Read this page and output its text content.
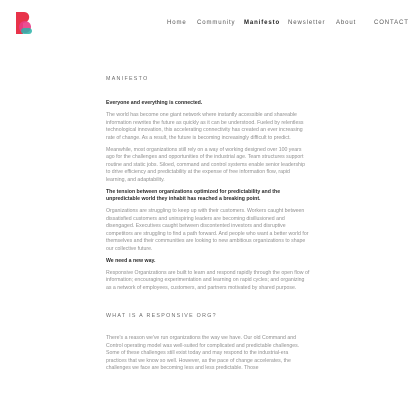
Home Community Manifesto Newsletter About	CONTACT
MANIFESTO

Everyone and everything is connected.

The world has become one giant network where instantly accessible and shareable information rewrites the future as quickly as it can be understood. Fueled by relentless technological innovation, this accelerating connectivity has created an ever increasing rate of change. As a result, the future is becoming increasingly difficult to predict.

Meanwhile, most organizations still rely on a way of working designed over 100 years ago for the challenges and opportunities of the industrial age. Team structures support routine and static jobs. Siloed, command and control systems enable senior leadership to drive efficiency and predictability at the expense of free information flow, rapid learning, and adaptability.

The tension between organizations optimized for predictability and the unpredictable world they inhabit has reached a breaking point.

Organizations are struggling to keep up with their customers. Workers caught between dissatisfied customers and uninspiring leaders are becoming disillusioned and disengaged. Executives caught between discontented investors and disruptive competitors are struggling to find a path forward. And people who want a better world for themselves and their communities are looking to new ambitious organizations to shape our collective future.

We need a new way.

Responsive Organizations are built to learn and respond rapidly through the open flow of information; encouraging experimentation and learning on rapid cycles; and organizing as a network of employees, customers, and partners motivated by shared purpose.

WHAT IS A RESPONSIVE ORG?

There's a reason we've run organizations the way we have. Our old Command and Control operating model was well-suited for complicated and predictable challenges. Some of these challenges still exist today and may respond to the industrial-era practices that we know so well. However, as the pace of change accelerates, the challenges we face are becoming less and less predictable. Those
